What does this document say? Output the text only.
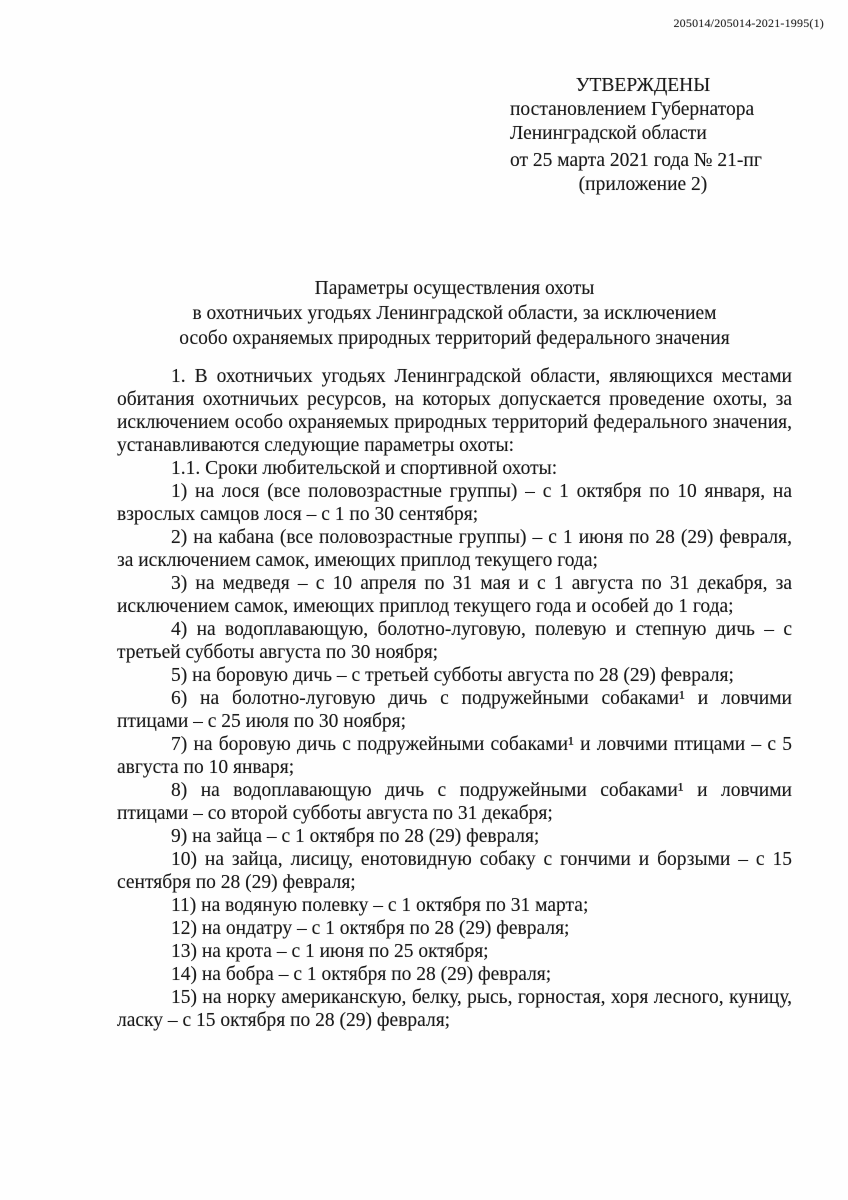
205014/205014-2021-1995(1)
УТВЕРЖДЕНЫ
постановлением Губернатора
Ленинградской области
от 25 марта 2021 года № 21-пг
(приложение 2)
Параметры осуществления охоты
в охотничьих угодьях Ленинградской области, за исключением
особо охраняемых природных территорий федерального значения

1. В охотничьих угодьях Ленинградской области, являющихся местами обитания охотничьих ресурсов, на которых допускается проведение охоты, за исключением особо охраняемых природных территорий федерального значения, устанавливаются следующие параметры охоты:

1.1. Сроки любительской и спортивной охоты:

1) на лося (все половозрастные группы) – с 1 октября по 10 января, на взрослых самцов лося – с 1 по 30 сентября;

2) на кабана (все половозрастные группы) – с 1 июня по 28 (29) февраля, за исключением самок, имеющих приплод текущего года;

3) на медведя – с 10 апреля по 31 мая и с 1 августа по 31 декабря, за исключением самок, имеющих приплод текущего года и особей до 1 года;

4) на водоплавающую, болотно-луговую, полевую и степную дичь – с третьей субботы августа по 30 ноября;

5) на боровую дичь – с третьей субботы августа по 28 (29) февраля;

6) на болотно-луговую дичь с подружейными собаками¹ и ловчими птицами – с 25 июля по 30 ноября;

7) на боровую дичь с подружейными собаками¹ и ловчими птицами – с 5 августа по 10 января;

8) на водоплавающую дичь с подружейными собаками¹ и ловчими птицами – со второй субботы августа по 31 декабря;

9) на зайца – с 1 октября по 28 (29) февраля;

10) на зайца, лисицу, енотовидную собаку с гончими и борзыми – с 15 сентября по 28 (29) февраля;

11) на водяную полевку – с 1 октября по 31 марта;

12) на ондатру – с 1 октября по 28 (29) февраля;

13) на крота – с 1 июня по 25 октября;

14) на бобра – с 1 октября по 28 (29) февраля;

15) на норку американскую, белку, рысь, горностая, хоря лесного, куницу, ласку – с 15 октября по 28 (29) февраля;
